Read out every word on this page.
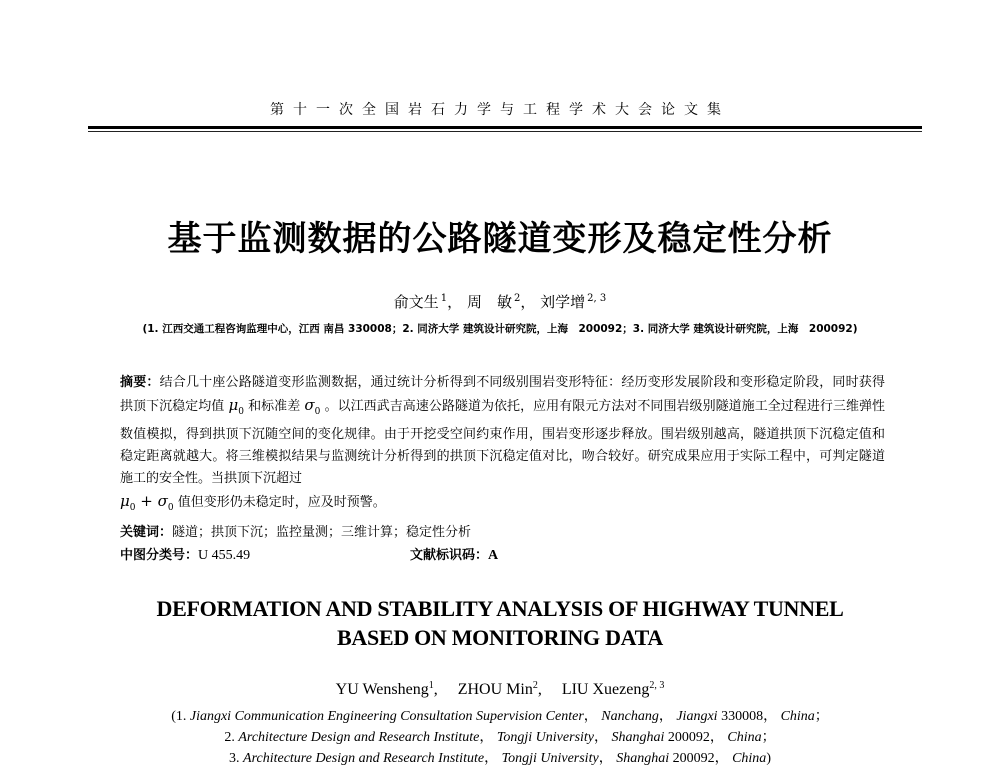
第十一次全国岩石力学与工程学术大会论文集
基于监测数据的公路隧道变形及稳定性分析
俞文生 $^1$， 周　敏 $^2$， 刘学增 $^{2, 3}$
(1. 江西交通工程咨询监理中心，江西 南昌 330008；2. 同济大学 建筑设计研究院，上海　200092；3. 同济大学 建筑设计研究院，上海　200092)
摘要：结合几十座公路隧道变形监测数据，通过统计分析得到不同级别围岩变形特征：经历变形发展阶段和变形稳定阶段，同时获得拱顶下沉稳定均值 $\mu_0$ 和标准差 $\sigma_0$ 。以江西武吉高速公路隧道为依托，应用有限元方法对不同围岩级别隧道施工全过程进行三维弹性数值模拟，得到拱顶下沉随空间的变化规律。由于开挖受空间约束作用，围岩变形逐步释放。围岩级别越高，隧道拱顶下沉稳定值和稳定距离就越大。将三维模拟结果与监测统计分析得到的拱顶下沉稳定值对比，吻合较好。研究成果应用于实际工程中，可判定隧道施工的安全性。当拱顶下沉超过
$\mu_0 + \sigma_0$ 值但变形仍未稳定时，应及时预警。
关键词：隧道；拱顶下沉；监控量测；三维计算；稳定性分析
中图分类号：U 455.49	文献标识码：A
DEFORMATION AND STABILITY ANALYSIS OF HIGHWAY TUNNEL
BASED ON MONITORING DATA
YU Wensheng$^1$, ZHOU Min$^2$, LIU Xuezeng$^{2, 3}$
(1. Jiangxi Communication Engineering Consultation Supervision Center， Nanchang， Jiangxi 330008， China；
2. Architecture Design and Research Institute， Tongji University， Shanghai 200092， China；
3. Architecture Design and Research Institute， Tongji University， Shanghai 200092， China)
